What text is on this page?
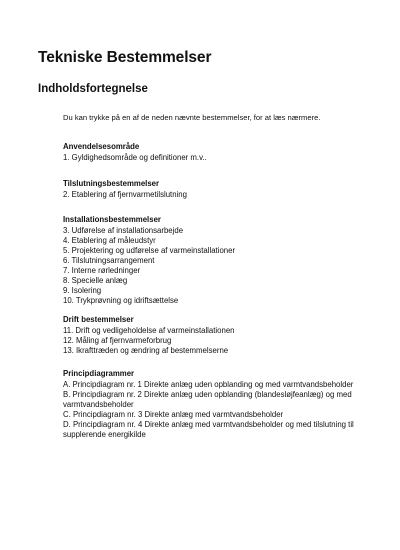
Tekniske Bestemmelser
Indholdsfortegnelse

Du kan trykke på en af de neden nævnte bestemmelser, for at læs nærmere.

Anvendelsesområde

1. Gyldighedsområde og definitioner m.v..

Tilslutningsbestemmelser

2. Etablering af fjernvarmetilslutning

Installationsbestemmelser

3. Udførelse af installationsarbejde

4. Etablering af måleudstyr

5. Projektering og udførelse af varmeinstallationer

6. Tilslutningsarrangement

7. Interne rørledninger

8. Specielle anlæg

9. Isolering

10. Trykprøvning og idriftsættelse

Drift bestemmelser

11. Drift og vedligeholdelse af varmeinstallationen

12. Måling af fjernvarmeforbrug

13. Ikrafttræden og ændring af bestemmelserne

Principdiagrammer

A. Principdiagram nr. 1 Direkte anlæg uden opblanding og med varmtvandsbeholder

B. Principdiagram nr. 2 Direkte anlæg uden opblanding (blandesløjfeanlæg) og med varmtvandsbeholder

C. Principdiagram nr. 3 Direkte anlæg med varmtvandsbeholder

D. Principdiagram nr. 4 Direkte anlæg med varmtvandsbeholder og med tilslutning til supplerende energikilde
